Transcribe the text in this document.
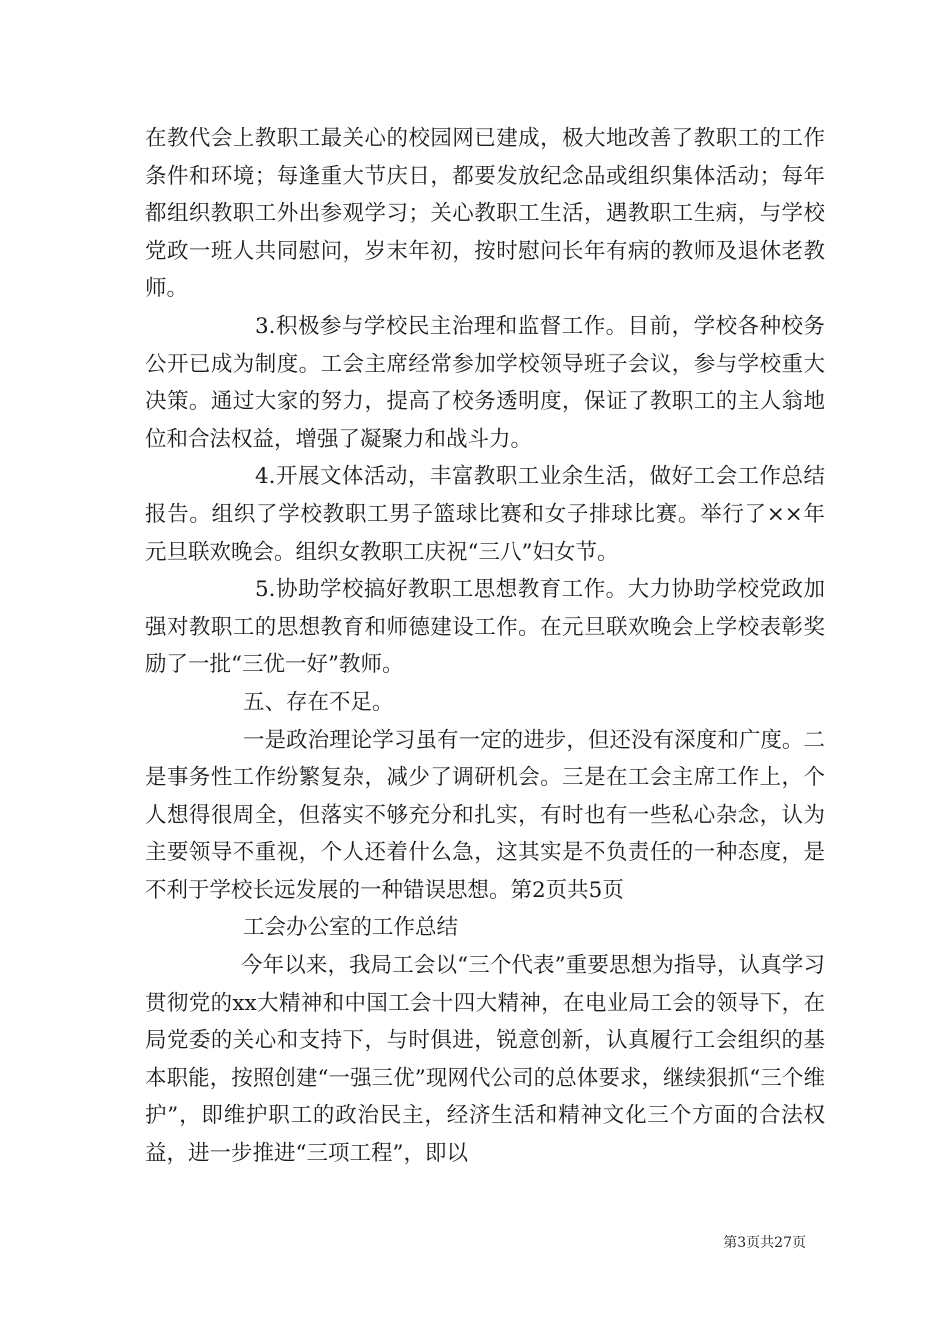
在教代会上教职工最关心的校园网已建成，极大地改善了教职工的工作条件和环境；每逢重大节庆日，都要发放纪念品或组织集体活动；每年都组织教职工外出参观学习；关心教职工生活，遇教职工生病，与学校党政一班人共同慰问，岁末年初，按时慰问长年有病的教师及退休老教师。

3.积极参与学校民主治理和监督工作。目前，学校各种校务公开已成为制度。工会主席经常参加学校领导班子会议，参与学校重大决策。通过大家的努力，提高了校务透明度，保证了教职工的主人翁地位和合法权益，增强了凝聚力和战斗力。

4.开展文体活动，丰富教职工业余生活，做好工会工作总结报告。组织了学校教职工男子篮球比赛和女子排球比赛。举行了××年元旦联欢晚会。组织女教职工庆祝“三八”妇女节。

5.协助学校搞好教职工思想教育工作。大力协助学校党政加强对教职工的思想教育和师德建设工作。在元旦联欢晚会上学校表彰奖励了一批“三优一好”教师。

五、存在不足。

一是政治理论学习虽有一定的进步，但还没有深度和广度。二是事务性工作纷繁复杂，减少了调研机会。三是在工会主席工作上，个人想得很周全，但落实不够充分和扎实，有时也有一些私心杂念，认为主要领导不重视，个人还着什么急，这其实是不负责任的一种态度，是不利于学校长远发展的一种错误思想。第2页共5页

工会办公室的工作总结

今年以来，我局工会以“三个代表”重要思想为指导，认真学习贯彻党的xx大精神和中国工会十四大精神，在电业局工会的领导下，在局党委的关心和支持下，与时俱进，锐意创新，认真履行工会组织的基本职能，按照创建“一强三优”现网代公司的总体要求，继续狠抓“三个维护”，即维护职工的政治民主，经济生活和精神文化三个方面的合法权益，进一步推进“三项工程”，即以

第3页共27页
